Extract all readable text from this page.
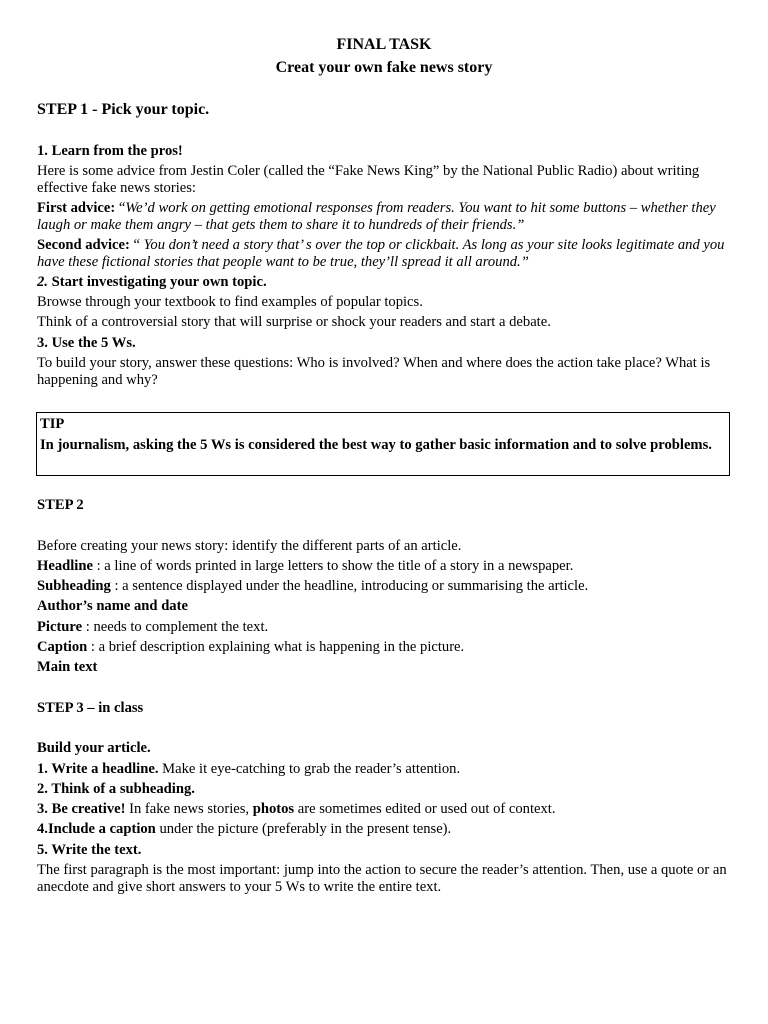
FINAL TASK
Creat your own fake news story
STEP 1 - Pick your topic.
1. Learn from the pros!
Here is some advice from Jestin Coler (called the “Fake News King” by the National Public Radio) about writing effective fake news stories:
First advice: “We’d work on getting emotional responses from readers. You want to hit some buttons – whether they laugh or make them angry – that gets them to share it to hundreds of their friends.”
Second advice: “ You don’t need a story that’ s over the top or clickbait. As long as your site looks legitimate and you have these fictional stories that people want to be true, they’ll spread it all around.”
2. Start investigating your own topic.
Browse through your textbook to find examples of popular topics.
Think of a controversial story that will surprise or shock your readers and start a debate.
3. Use the 5 Ws.
To build your story, answer these questions: Who is involved? When and where does the action take place? What is happening and why?
TIP
In journalism, asking the 5 Ws is considered the best way to gather basic information and to solve problems.
STEP 2
Before creating your news story: identify the different parts of an article.
Headline : a line of words printed in large letters to show the title of a story in a newspaper.
Subheading : a sentence displayed under the headline, introducing or summarising the article.
Author’s name and date
Picture : needs to complement the text.
Caption : a brief description explaining what is happening in the picture.
Main text
STEP 3 – in class
Build your article.
1. Write a headline. Make it eye-catching to grab the reader’s attention.
2. Think of a subheading.
3. Be creative! In fake news stories, photos are sometimes edited or used out of context.
4.Include a caption under the picture (preferably in the present tense).
5. Write the text.
The first paragraph is the most important: jump into the action to secure the reader’s attention. Then, use a quote or an anecdote and give short answers to your 5 Ws to write the entire text.
